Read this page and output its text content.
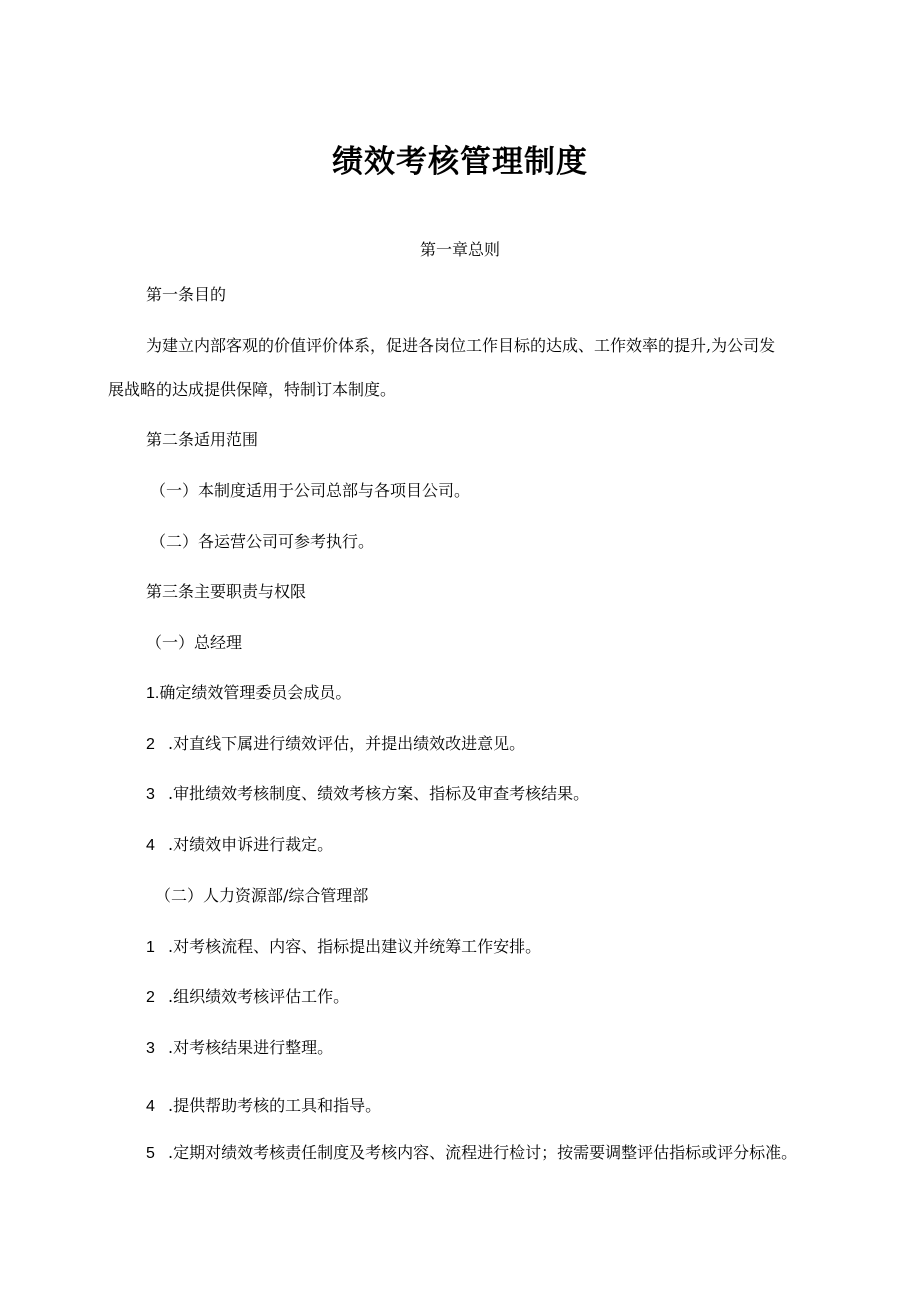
绩效考核管理制度

第一章总则

第一条目的

为建立内部客观的价值评价体系，促进各岗位工作目标的达成、工作效率的提升,为公司发

展战略的达成提供保障，特制订本制度。

第二条适用范围

（一）本制度适用于公司总部与各项目公司。

（二）各运营公司可参考执行。

第三条主要职责与权限

（一）总经理

1.确定绩效管理委员会成员。

2 .对直线下属进行绩效评估，并提出绩效改进意见。

3 .审批绩效考核制度、绩效考核方案、指标及审查考核结果。

4 .对绩效申诉进行裁定。

（二）人力资源部/综合管理部

1 .对考核流程、内容、指标提出建议并统筹工作安排。

2 .组织绩效考核评估工作。

3 .对考核结果进行整理。

4 .提供帮助考核的工具和指导。

5 .定期对绩效考核责任制度及考核内容、流程进行检讨；按需要调整评估指标或评分标准。
